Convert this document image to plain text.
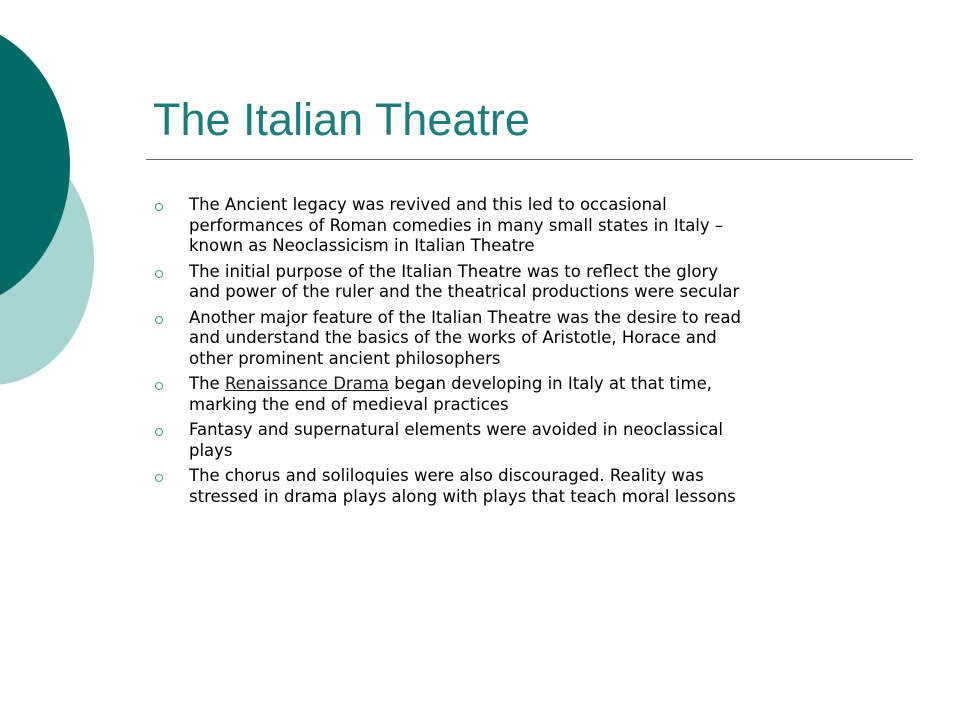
The Italian Theatre
The Ancient legacy was revived and this led to occasional performances of Roman comedies in many small states in Italy – known as Neoclassicism in Italian Theatre
The initial purpose of the Italian Theatre was to reflect the glory and power of the ruler and the theatrical productions were secular
Another major feature of the Italian Theatre was the desire to read and understand the basics of the works of Aristotle, Horace and other prominent ancient philosophers
The Renaissance Drama began developing in Italy at that time, marking the end of medieval practices
Fantasy and supernatural elements were avoided in neoclassical plays
The chorus and soliloquies were also discouraged. Reality was stressed in drama plays along with plays that teach moral lessons
